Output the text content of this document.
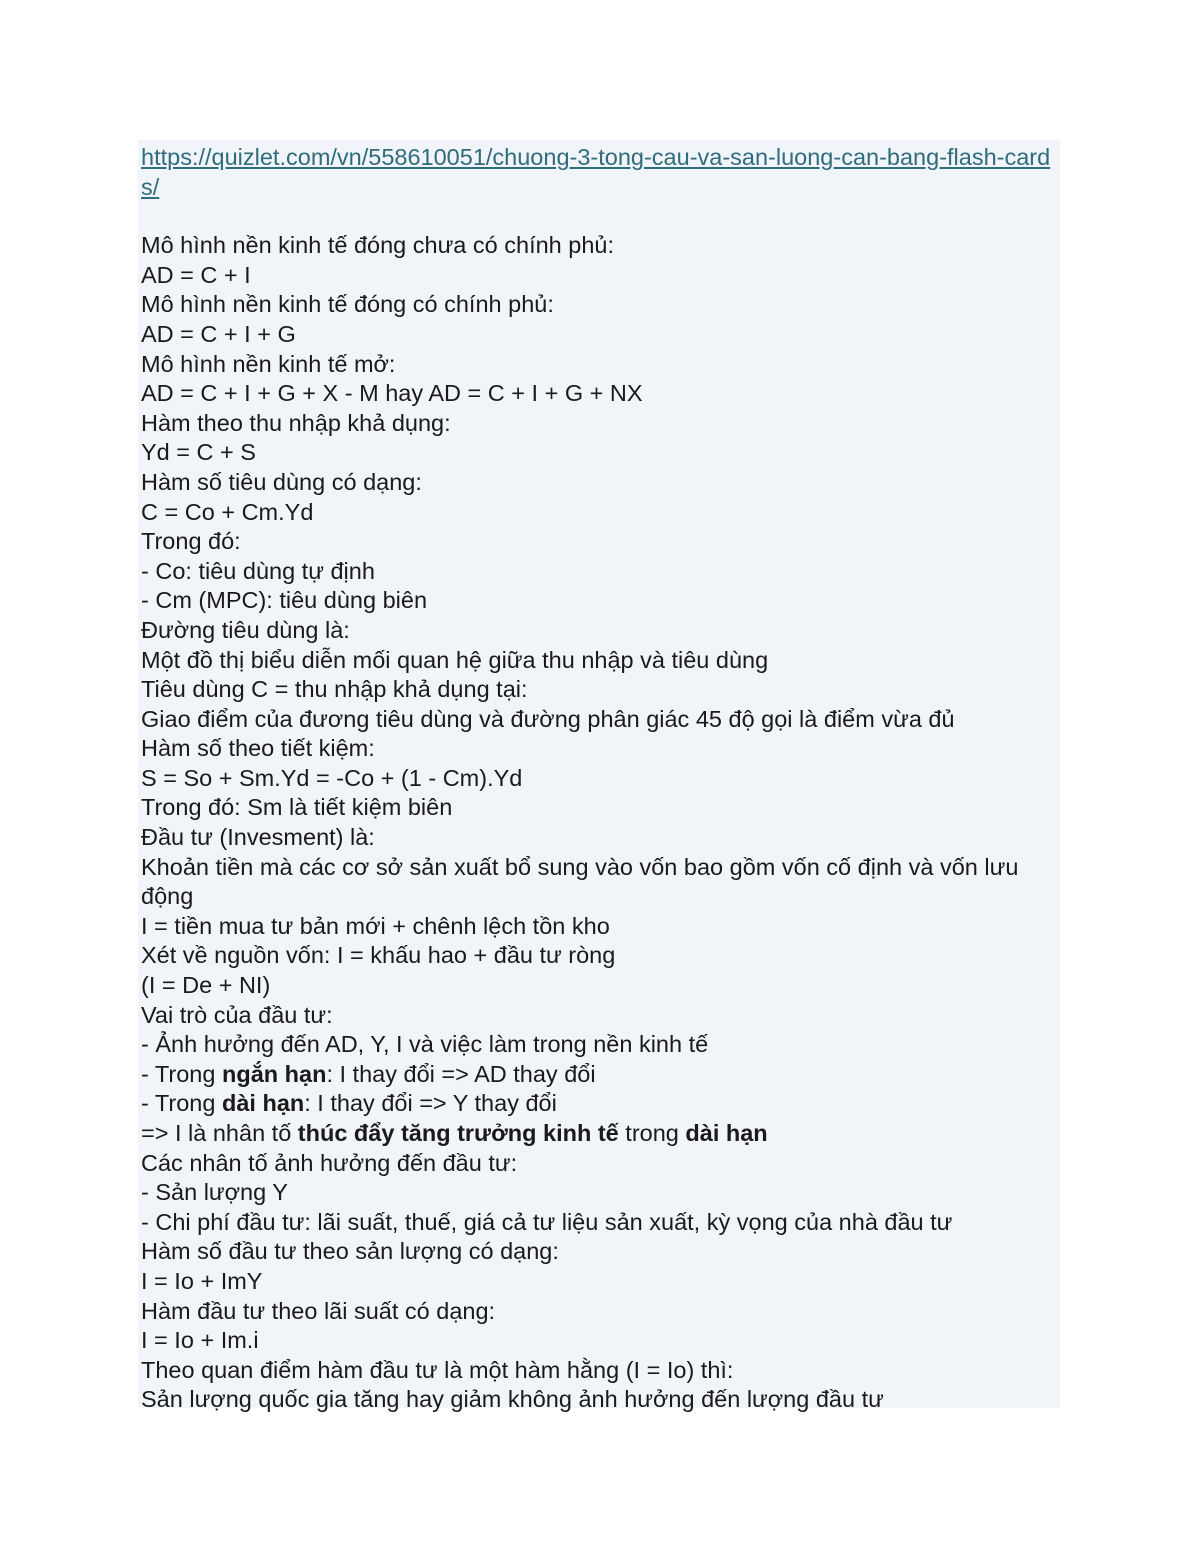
https://quizlet.com/vn/558610051/chuong-3-tong-cau-va-san-luong-can-bang-flash-cards/
Mô hình nền kinh tế đóng chưa có chính phủ:
AD = C + I
Mô hình nền kinh tế đóng có chính phủ:
AD = C + I + G
Mô hình nền kinh tế mở:
AD = C + I + G + X - M hay AD = C + I + G + NX
Hàm theo thu nhập khả dụng:
Yd = C + S
Hàm số tiêu dùng có dạng:
C = Co + Cm.Yd
Trong đó:
- Co: tiêu dùng tự định
- Cm (MPC): tiêu dùng biên
Đường tiêu dùng là:
Một đồ thị biểu diễn mối quan hệ giữa thu nhập và tiêu dùng
Tiêu dùng C = thu nhập khả dụng tại:
Giao điểm của đương tiêu dùng và đường phân giác 45 độ gọi là điểm vừa đủ
Hàm số theo tiết kiệm:
S = So + Sm.Yd = -Co + (1 - Cm).Yd
Trong đó: Sm là tiết kiệm biên
Đầu tư (Invesment) là:
Khoản tiền mà các cơ sở sản xuất bổ sung vào vốn bao gồm vốn cố định và vốn lưu động
I = tiền mua tư bản mới + chênh lệch tồn kho
Xét về nguồn vốn: I = khấu hao + đầu tư ròng
(I = De + NI)
Vai trò của đầu tư:
- Ảnh hưởng đến AD, Y, I và việc làm trong nền kinh tế
- Trong ngắn hạn: I thay đổi => AD thay đổi
- Trong dài hạn: I thay đổi => Y thay đổi
=> I là nhân tố thúc đẩy tăng trưởng kinh tế trong dài hạn
Các nhân tố ảnh hưởng đến đầu tư:
- Sản lượng Y
- Chi phí đầu tư: lãi suất, thuế, giá cả tư liệu sản xuất, kỳ vọng của nhà đầu tư
Hàm số đầu tư theo sản lượng có dạng:
I = Io + ImY
Hàm đầu tư theo lãi suất có dạng:
I = Io + Im.i
Theo quan điểm hàm đầu tư là một hàm hằng (I = Io) thì:
Sản lượng quốc gia tăng hay giảm không ảnh hưởng đến lượng đầu tư
